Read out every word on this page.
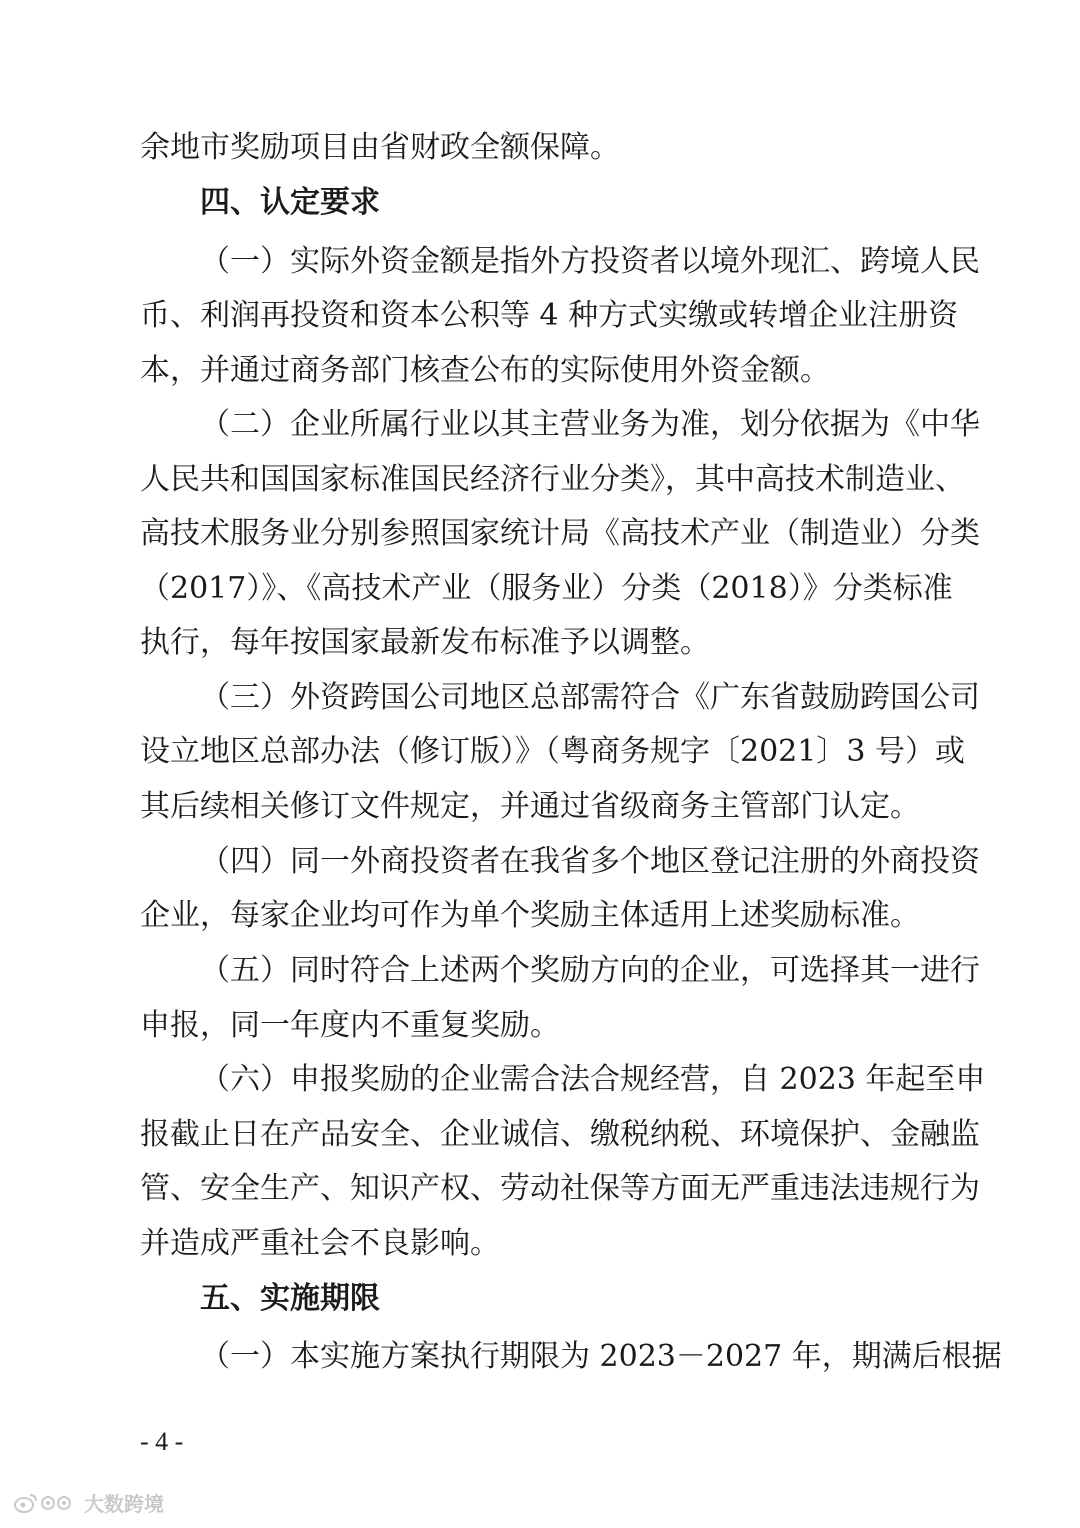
余地市奖励项目由省财政全额保障。
四、认定要求
（一）实际外资金额是指外方投资者以境外现汇、跨境人民
币、利润再投资和资本公积等 4 种方式实缴或转增企业注册资
本，并通过商务部门核查公布的实际使用外资金额。
（二）企业所属行业以其主营业务为准，划分依据为《中华
人民共和国国家标准国民经济行业分类》，其中高技术制造业、
高技术服务业分别参照国家统计局《高技术产业（制造业）分类
（2017）》、《高技术产业（服务业）分类（2018）》分类标准
执行，每年按国家最新发布标准予以调整。
（三）外资跨国公司地区总部需符合《广东省鼓励跨国公司
设立地区总部办法（修订版）》（粤商务规字〔2021〕3 号）或
其后续相关修订文件规定，并通过省级商务主管部门认定。
（四）同一外商投资者在我省多个地区登记注册的外商投资
企业，每家企业均可作为单个奖励主体适用上述奖励标准。
（五）同时符合上述两个奖励方向的企业，可选择其一进行
申报，同一年度内不重复奖励。
（六）申报奖励的企业需合法合规经营，自 2023 年起至申
报截止日在产品安全、企业诚信、缴税纳税、环境保护、金融监
管、安全生产、知识产权、劳动社保等方面无严重违法违规行为
并造成严重社会不良影响。
五、实施期限
（一）本实施方案执行期限为 2023－2027 年，期满后根据
- 4 -
大数跨境
